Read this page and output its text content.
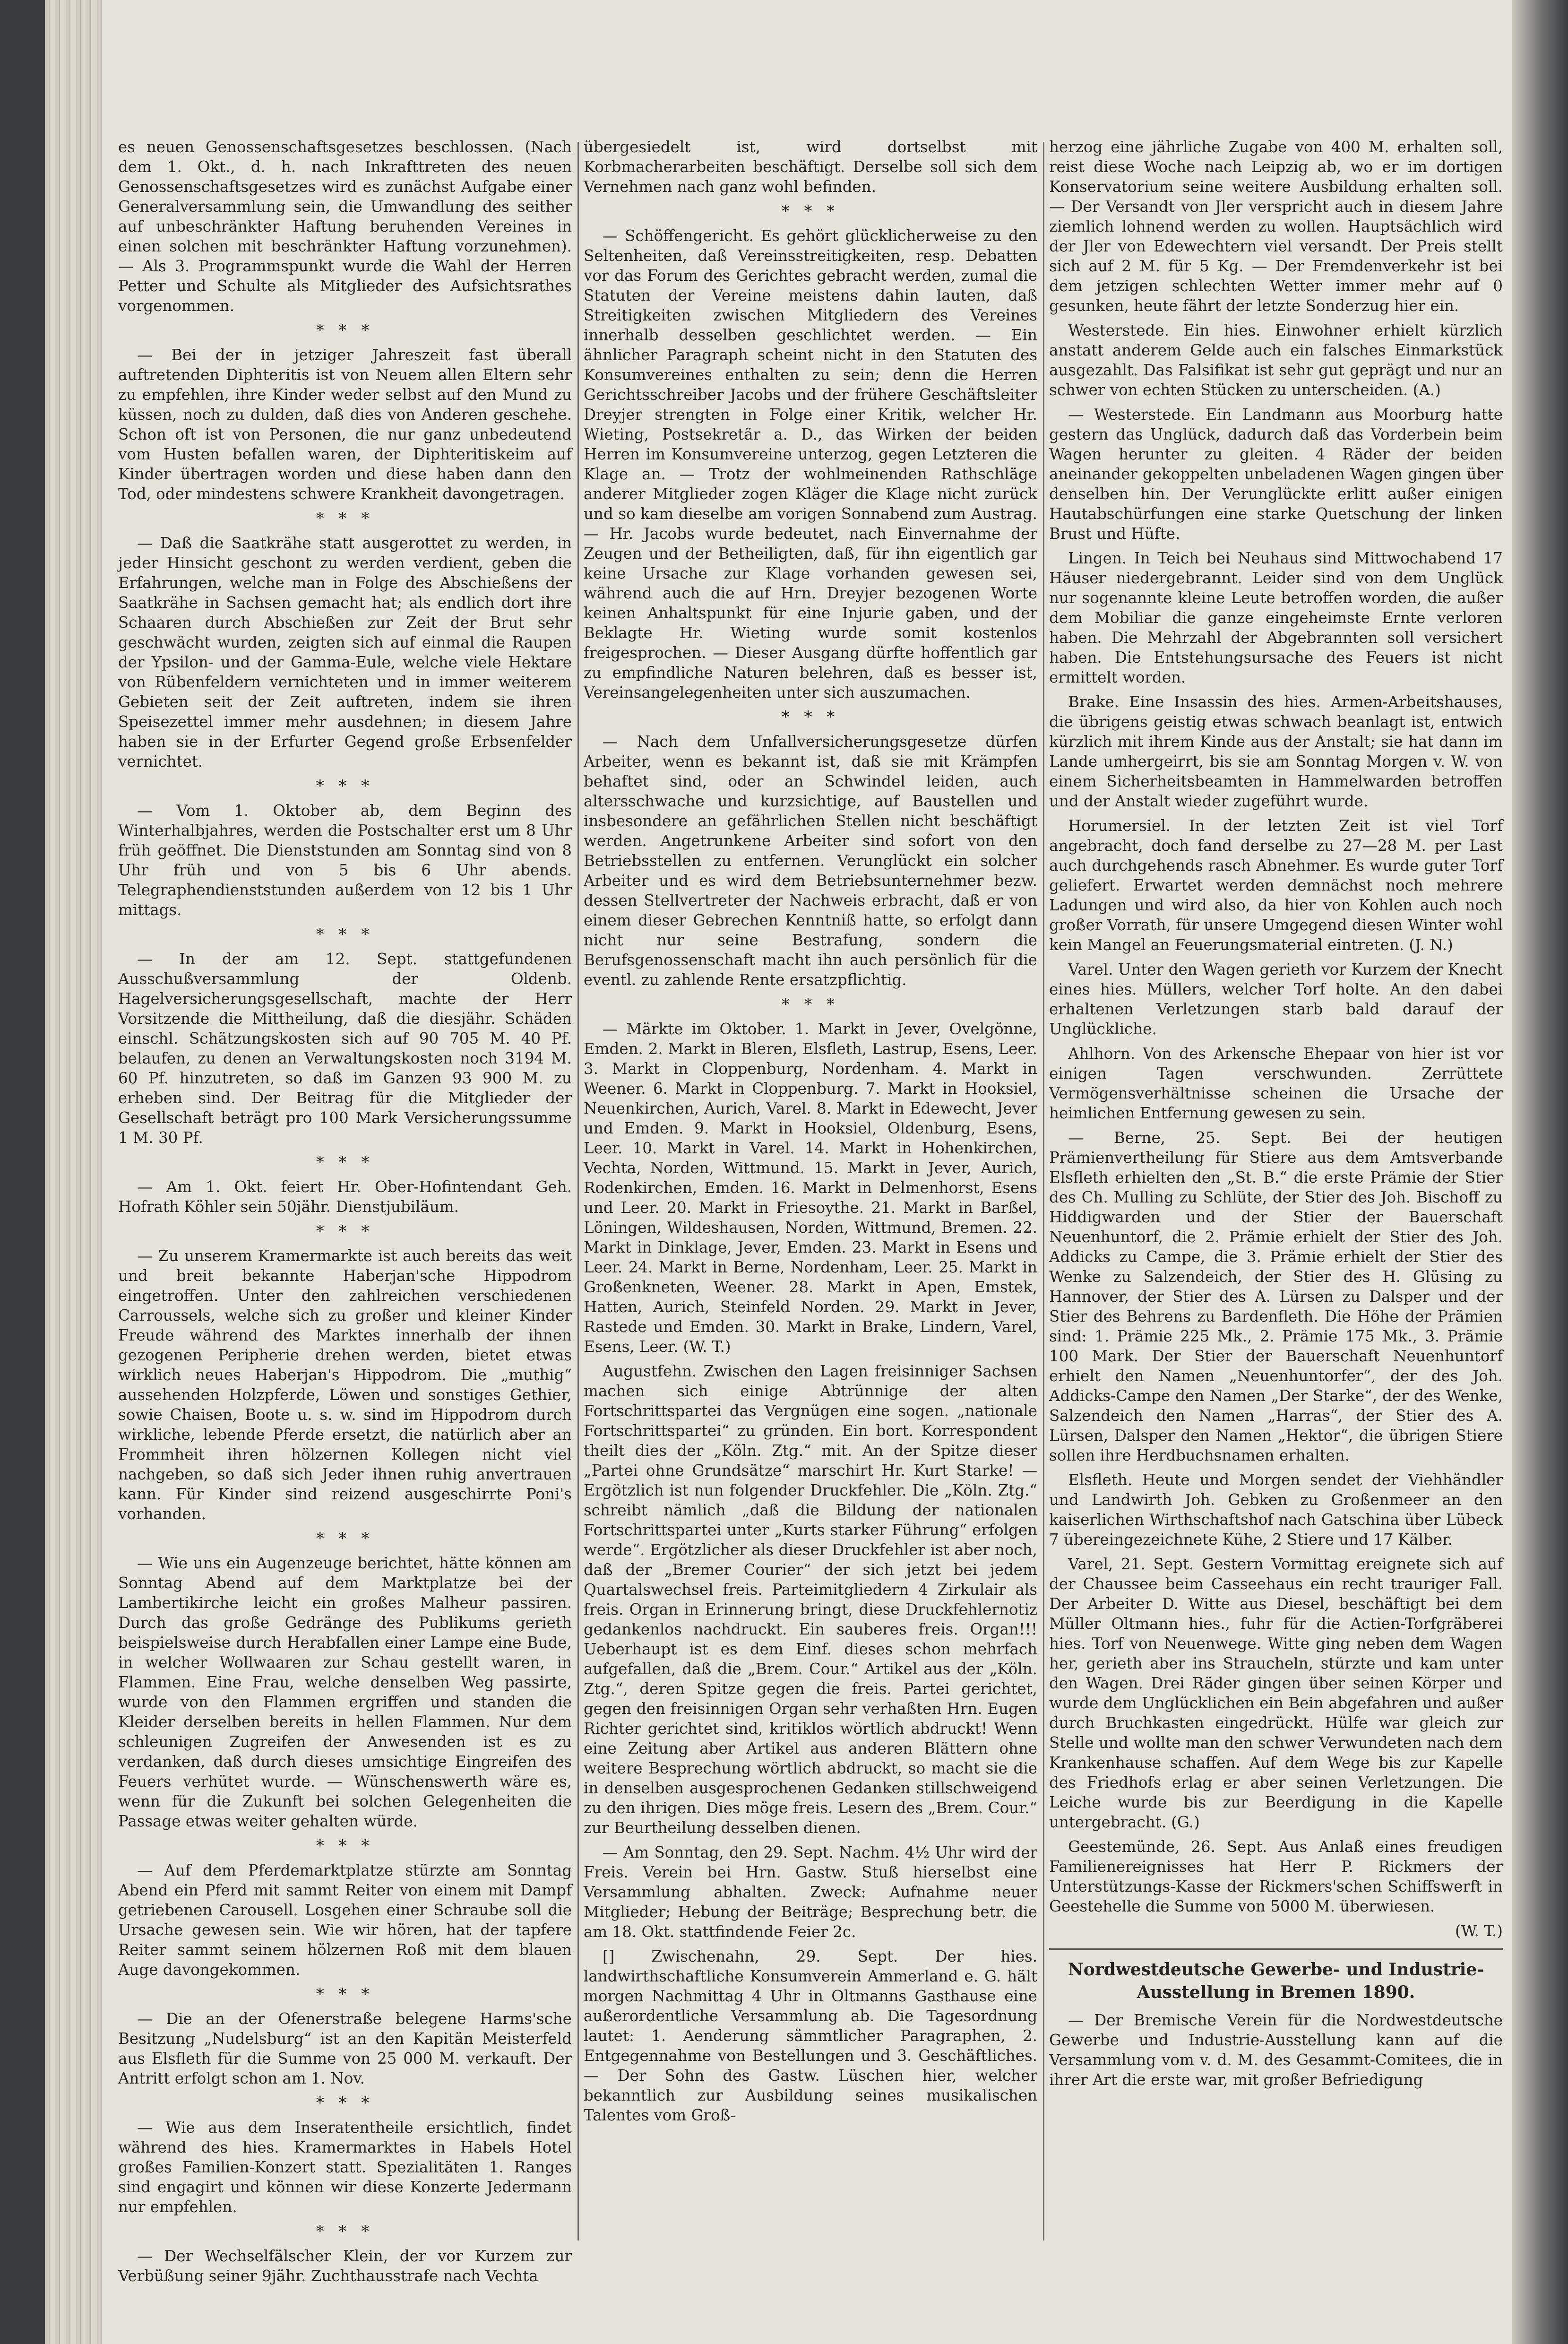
es neuen Genossenschaftsgesetzes beschlossen. (Nach dem 1. Okt., d. h. nach Inkrafttreten des neuen Genossenschaftsgesetzes wird es zunächst Aufgabe einer Generalversammlung sein, die Umwandlung des seither auf unbeschränkter Haftung beruhenden Vereines in einen solchen mit beschränkter Haftung vorzunehmen). — Als 3. Programmspunkt wurde die Wahl der Herren Petter und Schulte als Mitglieder des Aufsichtsrathes vorgenommen.

* * *

— Bei der in jetziger Jahreszeit fast überall auftretenden Diphteritis ist von Neuem allen Eltern sehr zu empfehlen, ihre Kinder weder selbst auf den Mund zu küssen, noch zu dulden, daß dies von Anderen geschehe. Schon oft ist von Personen, die nur ganz unbedeutend vom Husten befallen waren, der Diphteritiskeim auf Kinder übertragen worden und diese haben dann den Tod, oder mindestens schwere Krankheit davongetragen.

* * *

— Daß die Saatkrähe statt ausgerottet zu werden, in jeder Hinsicht geschont zu werden verdient, geben die Erfahrungen, welche man in Folge des Abschießens der Saatkrähe in Sachsen gemacht hat; als endlich dort ihre Schaaren durch Abschießen zur Zeit der Brut sehr geschwächt wurden, zeigten sich auf einmal die Raupen der Ypsilon- und der Gamma-Eule, welche viele Hektare von Rübenfeldern vernichteten und in immer weiterem Gebieten seit der Zeit auftreten, indem sie ihren Speisezettel immer mehr ausdehnen; in diesem Jahre haben sie in der Erfurter Gegend große Erbsenfelder vernichtet.

* * *

— Vom 1. Oktober ab, dem Beginn des Winterhalbjahres, werden die Postschalter erst um 8 Uhr früh geöffnet. Die Dienststunden am Sonntag sind von 8 Uhr früh und von 5 bis 6 Uhr abends. Telegraphendienststunden außerdem von 12 bis 1 Uhr mittags.

* * *

— In der am 12. Sept. stattgefundenen Ausschußversammlung der Oldenb. Hagelversicherungsgesellschaft, machte der Herr Vorsitzende die Mittheilung, daß die diesjähr. Schäden einschl. Schätzungskosten sich auf 90 705 M. 40 Pf. belaufen, zu denen an Verwaltungskosten noch 3194 M. 60 Pf. hinzutreten, so daß im Ganzen 93 900 M. zu erheben sind. Der Beitrag für die Mitglieder der Gesellschaft beträgt pro 100 Mark Versicherungssumme 1 M. 30 Pf.

* * *

— Am 1. Okt. feiert Hr. Ober-Hofintendant Geh. Hofrath Köhler sein 50jähr. Dienstjubiläum.

* * *

— Zu unserem Kramermarkte ist auch bereits das weit und breit bekannte Haberjan'sche Hippodrom eingetroffen. Unter den zahlreichen verschiedenen Carroussels, welche sich zu großer und kleiner Kinder Freude während des Marktes innerhalb der ihnen gezogenen Peripherie drehen werden, bietet etwas wirklich neues Haberjan's Hippodrom. Die „muthig“ aussehenden Holzpferde, Löwen und sonstiges Gethier, sowie Chaisen, Boote u. s. w. sind im Hippodrom durch wirkliche, lebende Pferde ersetzt, die natürlich aber an Frommheit ihren hölzernen Kollegen nicht viel nachgeben, so daß sich Jeder ihnen ruhig anvertrauen kann. Für Kinder sind reizend ausgeschirrte Poni's vorhanden.

* * *

— Wie uns ein Augenzeuge berichtet, hätte können am Sonntag Abend auf dem Marktplatze bei der Lambertikirche leicht ein großes Malheur passiren. Durch das große Gedränge des Publikums gerieth beispielsweise durch Herabfallen einer Lampe eine Bude, in welcher Wollwaaren zur Schau gestellt waren, in Flammen. Eine Frau, welche denselben Weg passirte, wurde von den Flammen ergriffen und standen die Kleider derselben bereits in hellen Flammen. Nur dem schleunigen Zugreifen der Anwesenden ist es zu verdanken, daß durch dieses umsichtige Eingreifen des Feuers verhütet wurde. — Wünschenswerth wäre es, wenn für die Zukunft bei solchen Gelegenheiten die Passage etwas weiter gehalten würde.

* * *

— Auf dem Pferdemarktplatze stürzte am Sonntag Abend ein Pferd mit sammt Reiter von einem mit Dampf getriebenen Carousell. Losgehen einer Schraube soll die Ursache gewesen sein. Wie wir hören, hat der tapfere Reiter sammt seinem hölzernen Roß mit dem blauen Auge davongekommen.

* * *

— Die an der Ofenerstraße belegene Harms'sche Besitzung „Nudelsburg“ ist an den Kapitän Meisterfeld aus Elsfleth für die Summe von 25 000 M. verkauft. Der Antritt erfolgt schon am 1. Nov.

* * *

— Wie aus dem Inseratentheile ersichtlich, findet während des hies. Kramermarktes in Habels Hotel großes Familien-Konzert statt. Spezialitäten 1. Ranges sind engagirt und können wir diese Konzerte Jedermann nur empfehlen.

* * *

— Der Wechselfälscher Klein, der vor Kurzem zur Verbüßung seiner 9jähr. Zuchthausstrafe nach Vechta

übergesiedelt ist, wird dortselbst mit Korbmacherarbeiten beschäftigt. Derselbe soll sich dem Vernehmen nach ganz wohl befinden.

* * *

— Schöffengericht. Es gehört glücklicherweise zu den Seltenheiten, daß Vereinsstreitigkeiten, resp. Debatten vor das Forum des Gerichtes gebracht werden, zumal die Statuten der Vereine meistens dahin lauten, daß Streitigkeiten zwischen Mitgliedern des Vereines innerhalb desselben geschlichtet werden. — Ein ähnlicher Paragraph scheint nicht in den Statuten des Konsumvereines enthalten zu sein; denn die Herren Gerichtsschreiber Jacobs und der frühere Geschäftsleiter Dreyjer strengten in Folge einer Kritik, welcher Hr. Wieting, Postsekretär a. D., das Wirken der beiden Herren im Konsumvereine unterzog, gegen Letzteren die Klage an. — Trotz der wohlmeinenden Rathschläge anderer Mitglieder zogen Kläger die Klage nicht zurück und so kam dieselbe am vorigen Sonnabend zum Austrag. — Hr. Jacobs wurde bedeutet, nach Einvernahme der Zeugen und der Betheiligten, daß, für ihn eigentlich gar keine Ursache zur Klage vorhanden gewesen sei, während auch die auf Hrn. Dreyjer bezogenen Worte keinen Anhaltspunkt für eine Injurie gaben, und der Beklagte Hr. Wieting wurde somit kostenlos freigesprochen. — Dieser Ausgang dürfte hoffentlich gar zu empfindliche Naturen belehren, daß es besser ist, Vereinsangelegenheiten unter sich auszumachen.

* * *

— Nach dem Unfallversicherungsgesetze dürfen Arbeiter, wenn es bekannt ist, daß sie mit Krämpfen behaftet sind, oder an Schwindel leiden, auch altersschwache und kurzsichtige, auf Baustellen und insbesondere an gefährlichen Stellen nicht beschäftigt werden. Angetrunkene Arbeiter sind sofort von den Betriebsstellen zu entfernen. Verunglückt ein solcher Arbeiter und es wird dem Betriebsunternehmer bezw. dessen Stellvertreter der Nachweis erbracht, daß er von einem dieser Gebrechen Kenntniß hatte, so erfolgt dann nicht nur seine Bestrafung, sondern die Berufsgenossenschaft macht ihn auch persönlich für die eventl. zu zahlende Rente ersatzpflichtig.

* * *

— Märkte im Oktober. 1. Markt in Jever, Ovelgönne, Emden. 2. Markt in Bleren, Elsfleth, Lastrup, Esens, Leer. 3. Markt in Cloppenburg, Nordenham. 4. Markt in Weener. 6. Markt in Cloppenburg. 7. Markt in Hooksiel, Neuenkirchen, Aurich, Varel. 8. Markt in Edewecht, Jever und Emden. 9. Markt in Hooksiel, Oldenburg, Esens, Leer. 10. Markt in Varel. 14. Markt in Hohenkirchen, Vechta, Norden, Wittmund. 15. Markt in Jever, Aurich, Rodenkirchen, Emden. 16. Markt in Delmenhorst, Esens und Leer. 20. Markt in Friesoythe. 21. Markt in Barßel, Löningen, Wildeshausen, Norden, Wittmund, Bremen. 22. Markt in Dinklage, Jever, Emden. 23. Markt in Esens und Leer. 24. Markt in Berne, Nordenham, Leer. 25. Markt in Großenkneten, Weener. 28. Markt in Apen, Emstek, Hatten, Aurich, Steinfeld Norden. 29. Markt in Jever, Rastede und Emden. 30. Markt in Brake, Lindern, Varel, Esens, Leer. (W. T.)

Augustfehn. Zwischen den Lagen freisinniger Sachsen machen sich einige Abtrünnige der alten Fortschrittspartei das Vergnügen eine sogen. „nationale Fortschrittspartei“ zu gründen. Ein bort. Korrespondent theilt dies der „Köln. Ztg.“ mit. An der Spitze dieser „Partei ohne Grundsätze“ marschirt Hr. Kurt Starke! — Ergötzlich ist nun folgender Druckfehler. Die „Köln. Ztg.“ schreibt nämlich „daß die Bildung der nationalen Fortschrittspartei unter „Kurts starker Führung“ erfolgen werde“. Ergötzlicher als dieser Druckfehler ist aber noch, daß der „Bremer Courier“ der sich jetzt bei jedem Quartalswechsel freis. Parteimitgliedern 4 Zirkulair als freis. Organ in Erinnerung bringt, diese Druckfehlernotiz gedankenlos nachdruckt. Ein sauberes freis. Organ!!! Ueberhaupt ist es dem Einf. dieses schon mehrfach aufgefallen, daß die „Brem. Cour.“ Artikel aus der „Köln. Ztg.“, deren Spitze gegen die freis. Partei gerichtet, gegen den freisinnigen Organ sehr verhaßten Hrn. Eugen Richter gerichtet sind, kritiklos wörtlich abdruckt! Wenn eine Zeitung aber Artikel aus anderen Blättern ohne weitere Besprechung wörtlich abdruckt, so macht sie die in denselben ausgesprochenen Gedanken stillschweigend zu den ihrigen. Dies möge freis. Lesern des „Brem. Cour.“ zur Beurtheilung desselben dienen.

— Am Sonntag, den 29. Sept. Nachm. 4½ Uhr wird der Freis. Verein bei Hrn. Gastw. Stuß hierselbst eine Versammlung abhalten. Zweck: Aufnahme neuer Mitglieder; Hebung der Beiträge; Besprechung betr. die am 18. Okt. stattfindende Feier 2c.

[] Zwischenahn, 29. Sept. Der hies. landwirthschaftliche Konsumverein Ammerland e. G. hält morgen Nachmittag 4 Uhr in Oltmanns Gasthause eine außerordentliche Versammlung ab. Die Tagesordnung lautet: 1. Aenderung sämmtlicher Paragraphen, 2. Entgegennahme von Bestellungen und 3. Geschäftliches. — Der Sohn des Gastw. Lüschen hier, welcher bekanntlich zur Ausbildung seines musikalischen Talentes vom Groß-

herzog eine jährliche Zugabe von 400 M. erhalten soll, reist diese Woche nach Leipzig ab, wo er im dortigen Konservatorium seine weitere Ausbildung erhalten soll. — Der Versandt von Jler verspricht auch in diesem Jahre ziemlich lohnend werden zu wollen. Hauptsächlich wird der Jler von Edewechtern viel versandt. Der Preis stellt sich auf 2 M. für 5 Kg. — Der Fremdenverkehr ist bei dem jetzigen schlechten Wetter immer mehr auf 0 gesunken, heute fährt der letzte Sonderzug hier ein.

Westerstede. Ein hies. Einwohner erhielt kürzlich anstatt anderem Gelde auch ein falsches Einmarkstück ausgezahlt. Das Falsifikat ist sehr gut geprägt und nur an schwer von echten Stücken zu unterscheiden. (A.)

— Westerstede. Ein Landmann aus Moorburg hatte gestern das Unglück, dadurch daß das Vorderbein beim Wagen herunter zu gleiten. 4 Räder der beiden aneinander gekoppelten unbeladenen Wagen gingen über denselben hin. Der Verunglückte erlitt außer einigen Hautabschürfungen eine starke Quetschung der linken Brust und Hüfte.

Lingen. In Teich bei Neuhaus sind Mittwochabend 17 Häuser niedergebrannt. Leider sind von dem Unglück nur sogenannte kleine Leute betroffen worden, die außer dem Mobiliar die ganze eingeheimste Ernte verloren haben. Die Mehrzahl der Abgebrannten soll versichert haben. Die Entstehungsursache des Feuers ist nicht ermittelt worden.

Brake. Eine Insassin des hies. Armen-Arbeitshauses, die übrigens geistig etwas schwach beanlagt ist, entwich kürzlich mit ihrem Kinde aus der Anstalt; sie hat dann im Lande umhergeirrt, bis sie am Sonntag Morgen v. W. von einem Sicherheitsbeamten in Hammelwarden betroffen und der Anstalt wieder zugeführt wurde.

Horumersiel. In der letzten Zeit ist viel Torf angebracht, doch fand derselbe zu 27—28 M. per Last auch durchgehends rasch Abnehmer. Es wurde guter Torf geliefert. Erwartet werden demnächst noch mehrere Ladungen und wird also, da hier von Kohlen auch noch großer Vorrath, für unsere Umgegend diesen Winter wohl kein Mangel an Feuerungsmaterial eintreten. (J. N.)

Varel. Unter den Wagen gerieth vor Kurzem der Knecht eines hies. Müllers, welcher Torf holte. An den dabei erhaltenen Verletzungen starb bald darauf der Unglückliche.

Ahlhorn. Von des Arkensche Ehepaar von hier ist vor einigen Tagen verschwunden. Zerrüttete Vermögensverhältnisse scheinen die Ursache der heimlichen Entfernung gewesen zu sein.

— Berne, 25. Sept. Bei der heutigen Prämienvertheilung für Stiere aus dem Amtsverbande Elsfleth erhielten den „St. B.“ die erste Prämie der Stier des Ch. Mulling zu Schlüte, der Stier des Joh. Bischoff zu Hiddigwarden und der Stier der Bauerschaft Neuenhuntorf, die 2. Prämie erhielt der Stier des Joh. Addicks zu Campe, die 3. Prämie erhielt der Stier des Wenke zu Salzendeich, der Stier des H. Glüsing zu Hannover, der Stier des A. Lürsen zu Dalsper und der Stier des Behrens zu Bardenfleth. Die Höhe der Prämien sind: 1. Prämie 225 Mk., 2. Prämie 175 Mk., 3. Prämie 100 Mark. Der Stier der Bauerschaft Neuenhuntorf erhielt den Namen „Neuenhuntorfer“, der des Joh. Addicks-Campe den Namen „Der Starke“, der des Wenke, Salzendeich den Namen „Harras“, der Stier des A. Lürsen, Dalsper den Namen „Hektor“, die übrigen Stiere sollen ihre Herdbuchsnamen erhalten.

Elsfleth. Heute und Morgen sendet der Viehhändler und Landwirth Joh. Gebken zu Großenmeer an den kaiserlichen Wirthschaftshof nach Gatschina über Lübeck 7 übereingezeichnete Kühe, 2 Stiere und 17 Kälber.

Varel, 21. Sept. Gestern Vormittag ereignete sich auf der Chaussee beim Casseehaus ein recht trauriger Fall. Der Arbeiter D. Witte aus Diesel, beschäftigt bei dem Müller Oltmann hies., fuhr für die Actien-Torfgräberei hies. Torf von Neuenwege. Witte ging neben dem Wagen her, gerieth aber ins Straucheln, stürzte und kam unter den Wagen. Drei Räder gingen über seinen Körper und wurde dem Unglücklichen ein Bein abgefahren und außer durch Bruchkasten eingedrückt. Hülfe war gleich zur Stelle und wollte man den schwer Verwundeten nach dem Krankenhause schaffen. Auf dem Wege bis zur Kapelle des Friedhofs erlag er aber seinen Verletzungen. Die Leiche wurde bis zur Beerdigung in die Kapelle untergebracht. (G.)

Geestemünde, 26. Sept. Aus Anlaß eines freudigen Familienereignisses hat Herr P. Rickmers der Unterstützungs-Kasse der Rickmers'schen Schiffswerft in Geestehelle die Summe von 5000 M. überwiesen.

(W. T.)

Nordwestdeutsche Gewerbe- und Industrie-Ausstellung in Bremen 1890.

— Der Bremische Verein für die Nordwestdeutsche Gewerbe und Industrie-Ausstellung kann auf die Versammlung vom v. d. M. des Gesammt-Comitees, die in ihrer Art die erste war, mit großer Befriedigung
